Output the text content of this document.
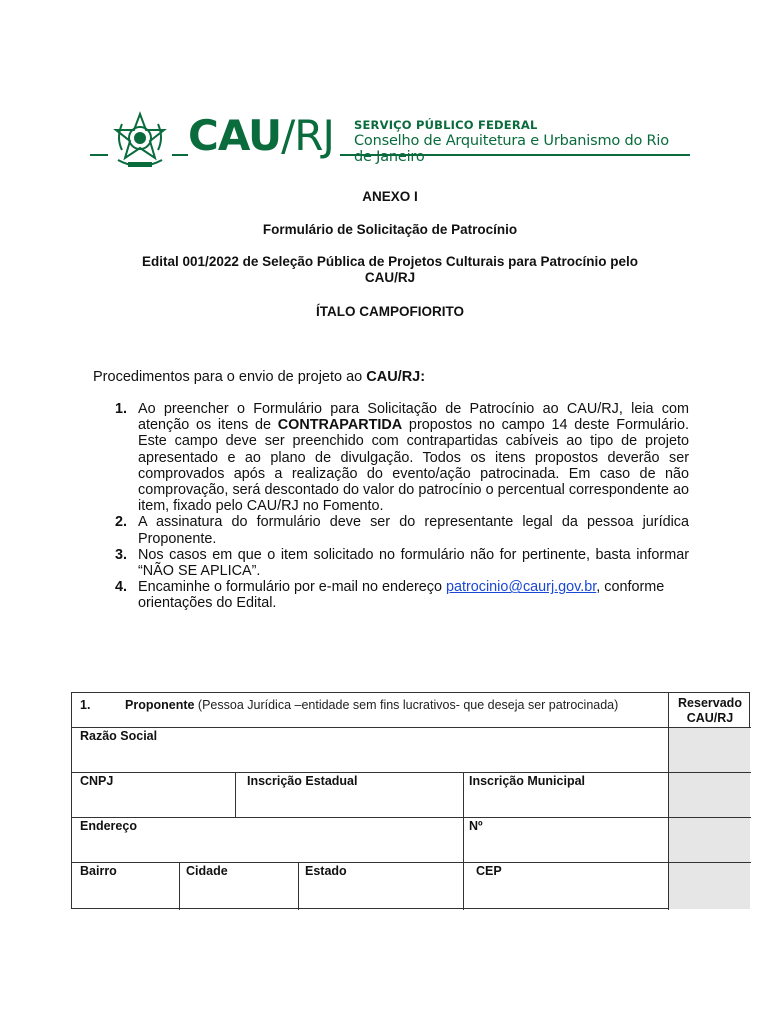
CAU/RJ	SERVIÇO PÚBLICO FEDERAL
Conselho de Arquitetura e Urbanismo do Rio de Janeiro
ANEXO I
Formulário de Solicitação de Patrocínio
Edital 001/2022 de Seleção Pública de Projetos Culturais para Patrocínio pelo
CAU/RJ
ÍTALO CAMPOFIORITO
Procedimentos para o envio de projeto ao CAU/RJ:
1. Ao preencher o Formulário para Solicitação de Patrocínio ao CAU/RJ, leia com atenção os itens de CONTRAPARTIDA propostos no campo 14 deste Formulário. Este campo deve ser preenchido com contrapartidas cabíveis ao tipo de projeto apresentado e ao plano de divulgação. Todos os itens propostos deverão ser comprovados após a realização do evento/ação patrocinada. Em caso de não comprovação, será descontado do valor do patrocínio o percentual correspondente ao item, fixado pelo CAU/RJ no Fomento.
2. A assinatura do formulário deve ser do representante legal da pessoa jurídica Proponente.
3. Nos casos em que o item solicitado no formulário não for pertinente, basta informar “NÃO SE APLICA”.
4. Encaminhe o formulário por e-mail no endereço patrocinio@caurj.gov.br, conforme orientações do Edital.
1.	Proponente (Pessoa Jurídica –entidade sem fins lucrativos- que deseja ser patrocinada)	Reservado CAU/RJ
Razão Social
CNPJ	Inscrição Estadual	Inscrição Municipal
Endereço	Nº
Bairro	Cidade	Estado	CEP
